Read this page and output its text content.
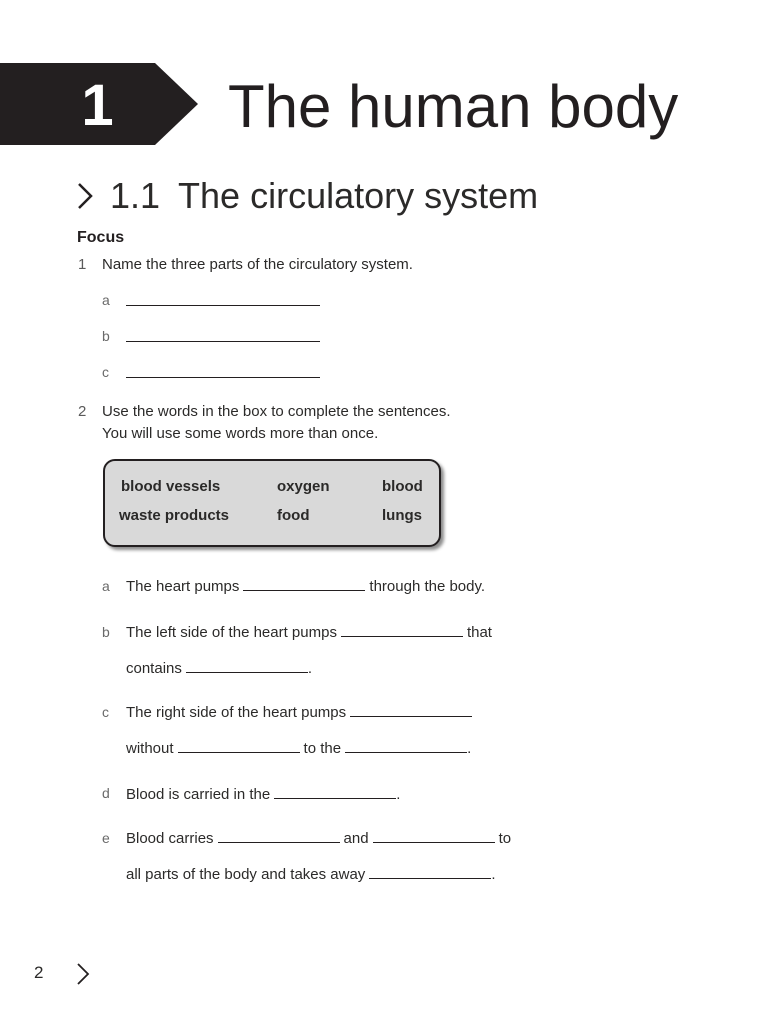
1 The human body
1.1 The circulatory system
Focus
1 Name the three parts of the circulatory system.
a
b
c
2 Use the words in the box to complete the sentences.
You will use some words more than once.
blood vessels	oxygen	blood
waste products	food	lungs
a The heart pumps	through the body.
b The left side of the heart pumps	that
contains	.
c The right side of the heart pumps
without	to the	.
d Blood is carried in the	.
e Blood carries	and	to
all parts of the body and takes away	.
2
